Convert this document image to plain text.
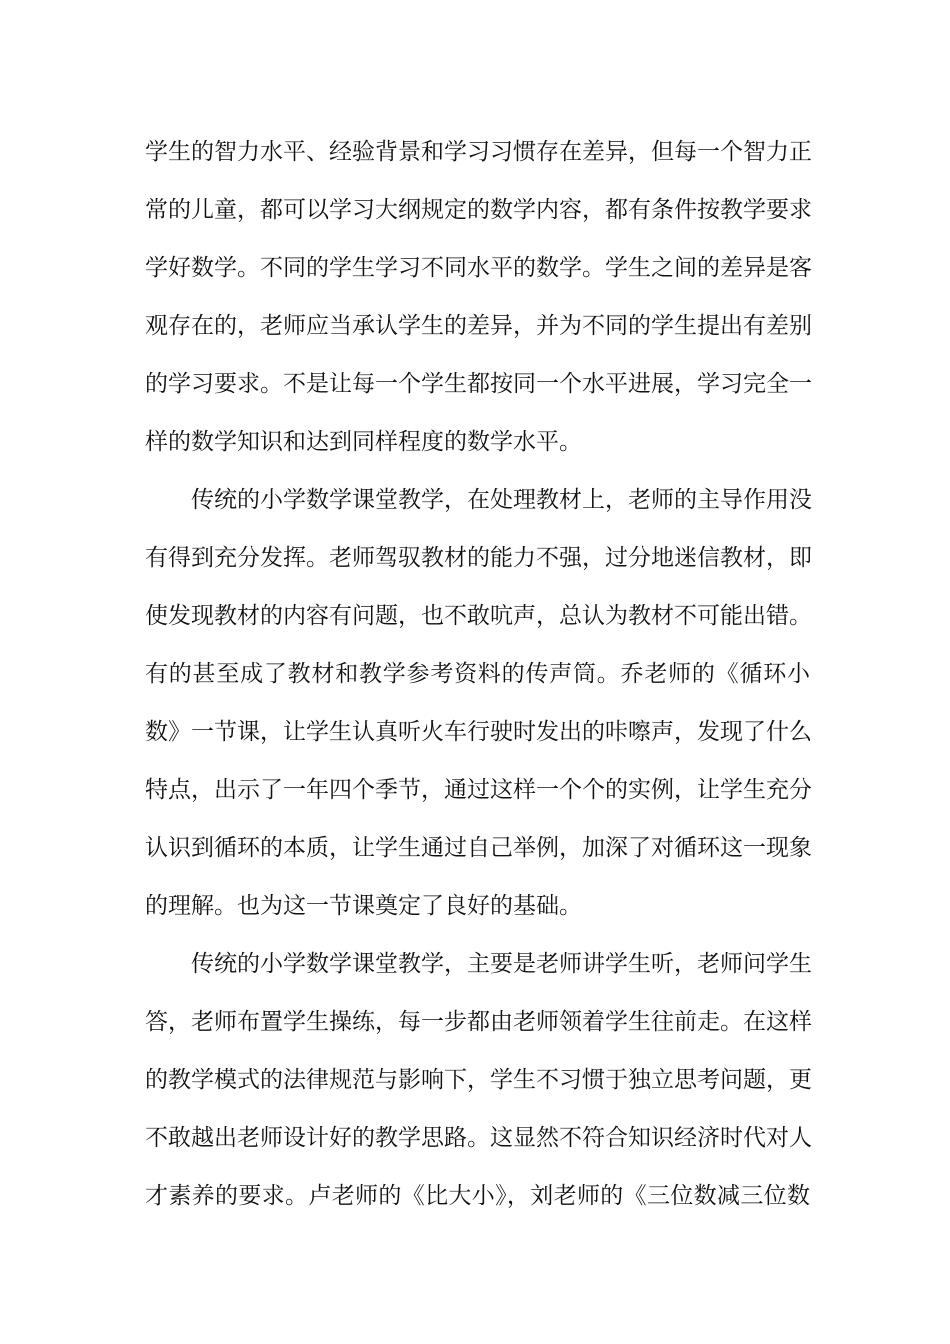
学生的智力水平、经验背景和学习习惯存在差异，但每一个智力正
常的儿童，都可以学习大纲规定的数学内容，都有条件按教学要求
学好数学。不同的学生学习不同水平的数学。学生之间的差异是客
观存在的，老师应当承认学生的差异，并为不同的学生提出有差别
的学习要求。不是让每一个学生都按同一个水平进展，学习完全一
样的数学知识和达到同样程度的数学水平。
传统的小学数学课堂教学，在处理教材上，老师的主导作用没
有得到充分发挥。老师驾驭教材的能力不强，过分地迷信教材，即
使发现教材的内容有问题，也不敢吭声，总认为教材不可能出错。
有的甚至成了教材和教学参考资料的传声筒。乔老师的《循环小
数》一节课，让学生认真听火车行驶时发出的咔嚓声，发现了什么
特点，出示了一年四个季节，通过这样一个个的实例，让学生充分
认识到循环的本质，让学生通过自己举例，加深了对循环这一现象
的理解。也为这一节课奠定了良好的基础。
传统的小学数学课堂教学，主要是老师讲学生听，老师问学生
答，老师布置学生操练，每一步都由老师领着学生往前走。在这样
的教学模式的法律规范与影响下，学生不习惯于独立思考问题，更
不敢越出老师设计好的教学思路。这显然不符合知识经济时代对人
才素养的要求。卢老师的《比大小》，刘老师的《三位数减三位数
